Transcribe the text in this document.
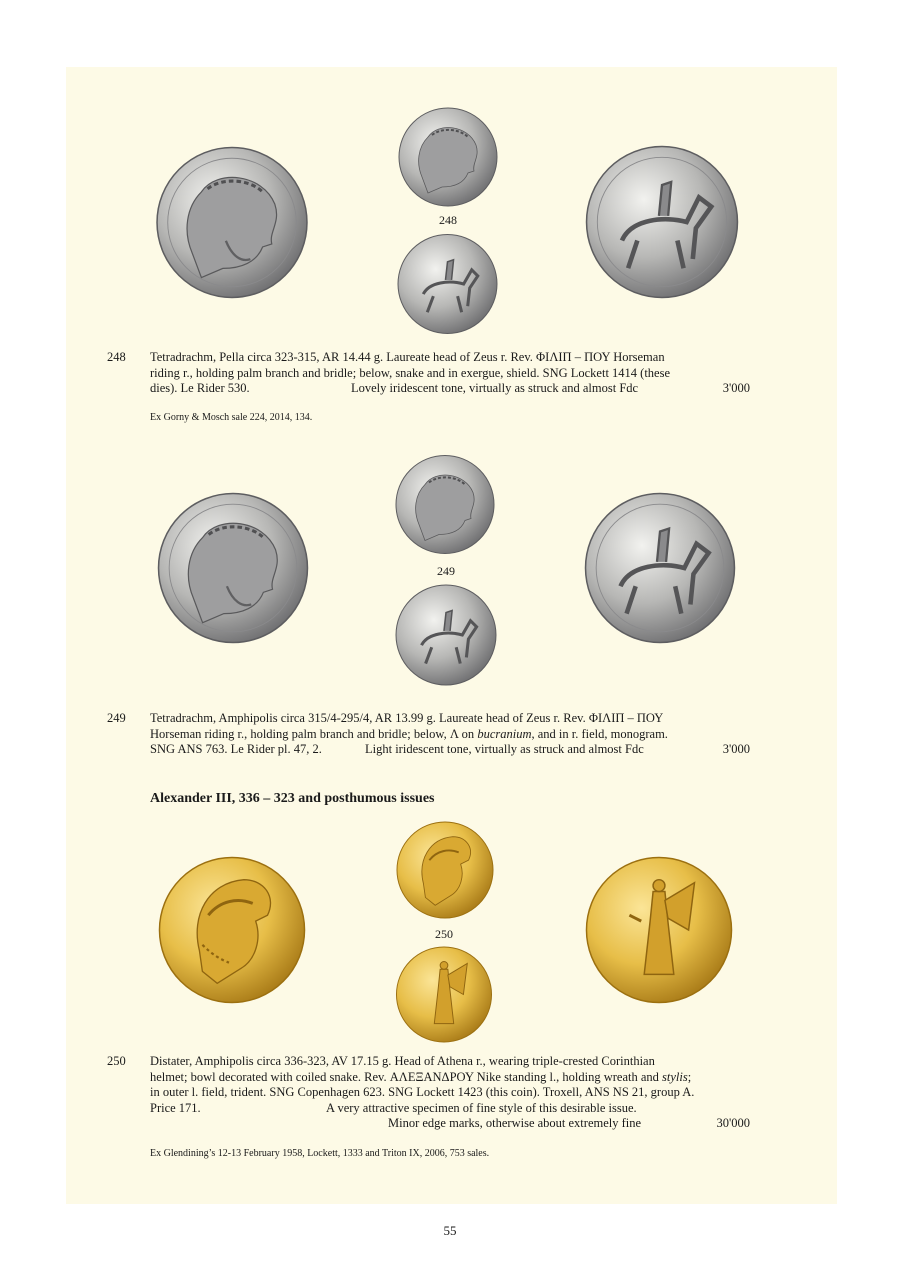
248
248 Tetradrachm, Pella circa 323-315, AR 14.44 g. Laureate head of Zeus r. Rev. ΦΙΛΙΠ – ΠΟΥ Horseman
riding r., holding palm branch and bridle; below, snake and in exergue, shield. SNG Lockett 1414 (these
dies). Le Rider 530.	Lovely iridescent tone, virtually as struck and almost Fdc	3'000
Ex Gorny & Mosch sale 224, 2014, 134.
249
249 Tetradrachm, Amphipolis circa 315/4-295/4, AR 13.99 g. Laureate head of Zeus r. Rev. ΦΙΛΙΠ – ΠΟΥ
Horseman riding r., holding palm branch and bridle; below, Λ on bucranium, and in r. field, monogram.
SNG ANS 763. Le Rider pl. 47, 2.	Light iridescent tone, virtually as struck and almost Fdc	3'000
Alexander III, 336 – 323 and posthumous issues
250
250 Distater, Amphipolis circa 336-323, AV 17.15 g. Head of Athena r., wearing triple-crested Corinthian
helmet; bowl decorated with coiled snake. Rev. ΑΛΕΞΑΝΔΡΟΥ Nike standing l., holding wreath and stylis;
in outer l. field, trident. SNG Copenhagen 623. SNG Lockett 1423 (this coin). Troxell, ANS NS 21, group A.
Price 171.	A very attractive specimen of fine style of this desirable issue.
Minor edge marks, otherwise about extremely fine	30'000
Ex Glendining’s 12-13 February 1958, Lockett, 1333 and Triton IX, 2006, 753 sales.
55
